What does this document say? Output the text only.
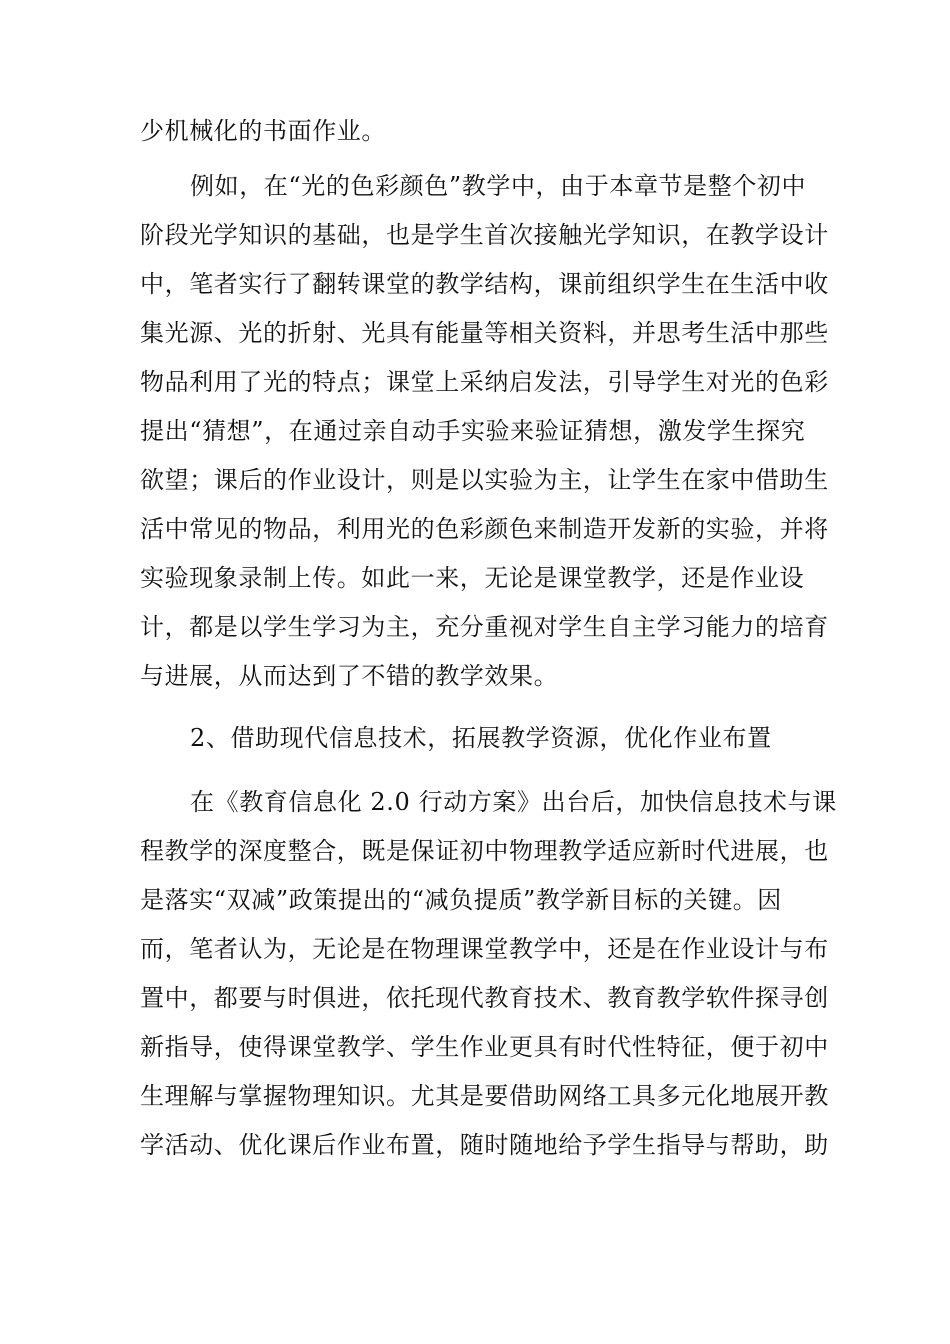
少机械化的书面作业。
例如，在“光的色彩颜色”教学中，由于本章节是整个初中
阶段光学知识的基础，也是学生首次接触光学知识，在教学设计
中，笔者实行了翻转课堂的教学结构，课前组织学生在生活中收
集光源、光的折射、光具有能量等相关资料，并思考生活中那些
物品利用了光的特点；课堂上采纳启发法，引导学生对光的色彩
提出“猜想”，在通过亲自动手实验来验证猜想，激发学生探究
欲望；课后的作业设计，则是以实验为主，让学生在家中借助生
活中常见的物品，利用光的色彩颜色来制造开发新的实验，并将
实验现象录制上传。如此一来，无论是课堂教学，还是作业设
计，都是以学生学习为主，充分重视对学生自主学习能力的培育
与进展，从而达到了不错的教学效果。
2、借助现代信息技术，拓展教学资源，优化作业布置
在《教育信息化 2.0 行动方案》出台后，加快信息技术与课
程教学的深度整合，既是保证初中物理教学适应新时代进展，也
是落实“双减”政策提出的“减负提质”教学新目标的关键。因
而，笔者认为，无论是在物理课堂教学中，还是在作业设计与布
置中，都要与时俱进，依托现代教育技术、教育教学软件探寻创
新指导，使得课堂教学、学生作业更具有时代性特征，便于初中
生理解与掌握物理知识。尤其是要借助网络工具多元化地展开教
学活动、优化课后作业布置，随时随地给予学生指导与帮助，助
